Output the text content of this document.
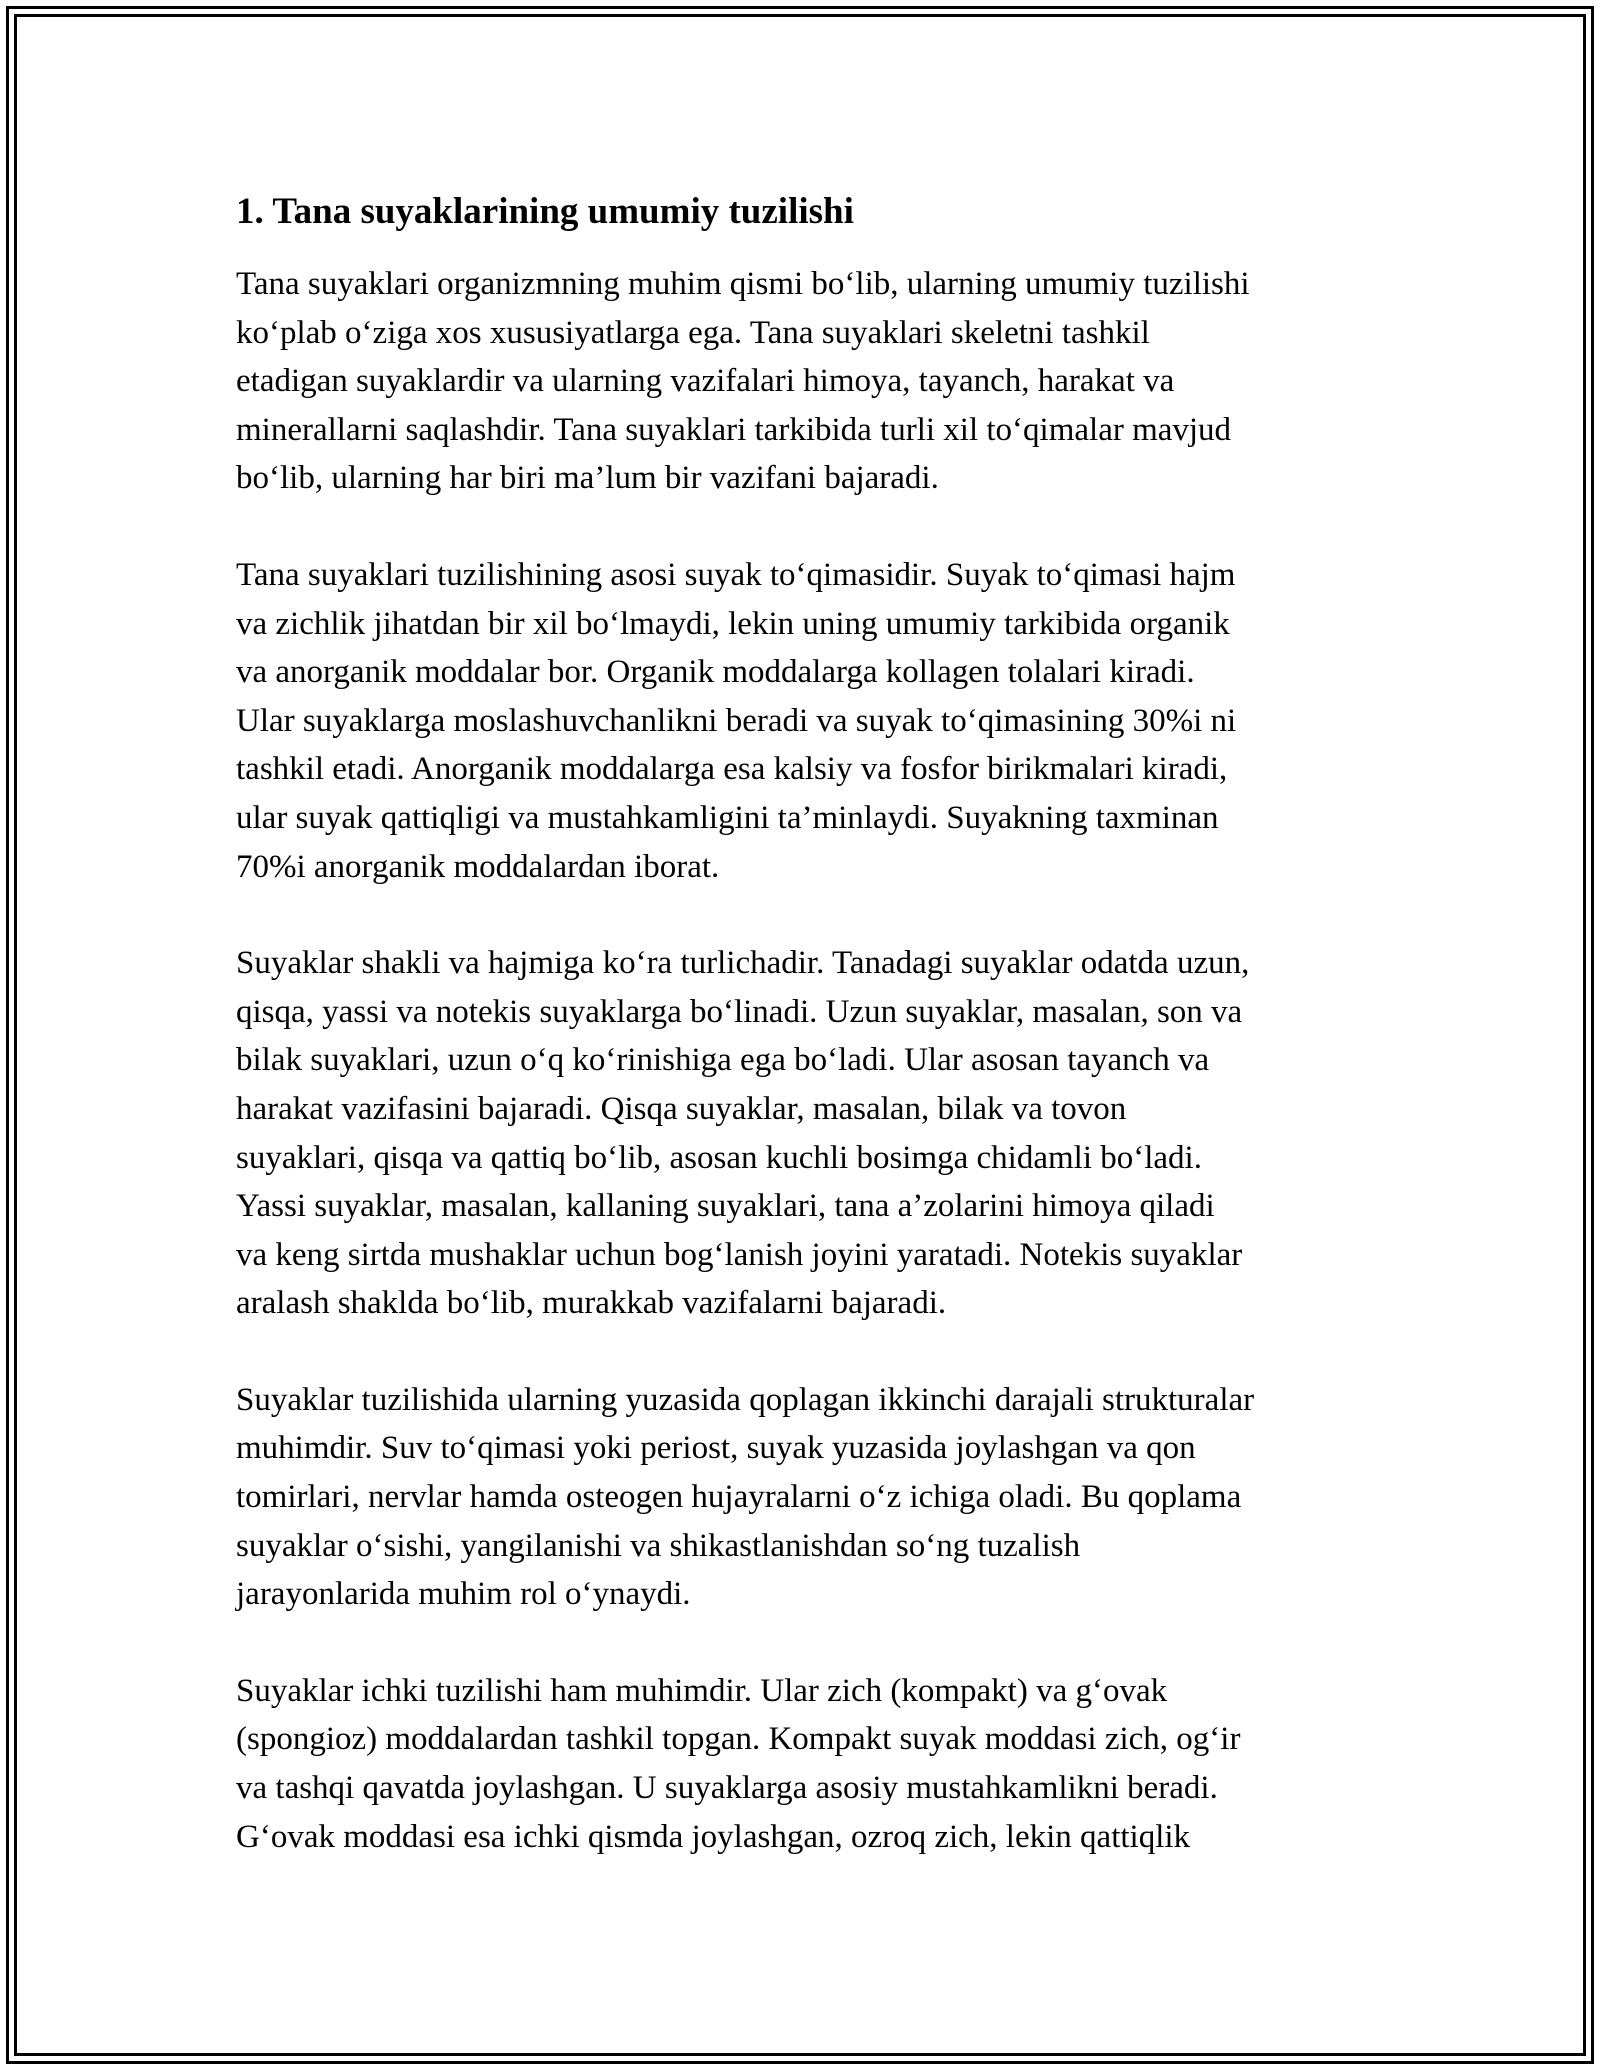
1. Tana suyaklarining umumiy tuzilishi

Tana suyaklari organizmning muhim qismi bo‘lib, ularning umumiy tuzilishi
ko‘plab o‘ziga xos xususiyatlarga ega. Tana suyaklari skeletni tashkil
etadigan suyaklardir va ularning vazifalari himoya, tayanch, harakat va
minerallarni saqlashdir. Tana suyaklari tarkibida turli xil to‘qimalar mavjud
bo‘lib, ularning har biri ma’lum bir vazifani bajaradi.

Tana suyaklari tuzilishining asosi suyak to‘qimasidir. Suyak to‘qimasi hajm
va zichlik jihatdan bir xil bo‘lmaydi, lekin uning umumiy tarkibida organik
va anorganik moddalar bor. Organik moddalarga kollagen tolalari kiradi.
Ular suyaklarga moslashuvchanlikni beradi va suyak to‘qimasining 30%i ni
tashkil etadi. Anorganik moddalarga esa kalsiy va fosfor birikmalari kiradi,
ular suyak qattiqligi va mustahkamligini ta’minlaydi. Suyakning taxminan
70%i anorganik moddalardan iborat.

Suyaklar shakli va hajmiga ko‘ra turlichadir. Tanadagi suyaklar odatda uzun,
qisqa, yassi va notekis suyaklarga bo‘linadi. Uzun suyaklar, masalan, son va
bilak suyaklari, uzun o‘q ko‘rinishiga ega bo‘ladi. Ular asosan tayanch va
harakat vazifasini bajaradi. Qisqa suyaklar, masalan, bilak va tovon
suyaklari, qisqa va qattiq bo‘lib, asosan kuchli bosimga chidamli bo‘ladi.
Yassi suyaklar, masalan, kallaning suyaklari, tana a’zolarini himoya qiladi
va keng sirtda mushaklar uchun bog‘lanish joyini yaratadi. Notekis suyaklar
aralash shaklda bo‘lib, murakkab vazifalarni bajaradi.

Suyaklar tuzilishida ularning yuzasida qoplagan ikkinchi darajali strukturalar
muhimdir. Suv to‘qimasi yoki periost, suyak yuzasida joylashgan va qon
tomirlari, nervlar hamda osteogen hujayralarni o‘z ichiga oladi. Bu qoplama
suyaklar o‘sishi, yangilanishi va shikastlanishdan so‘ng tuzalish
jarayonlarida muhim rol o‘ynaydi.

Suyaklar ichki tuzilishi ham muhimdir. Ular zich (kompakt) va g‘ovak
(spongioz) moddalardan tashkil topgan. Kompakt suyak moddasi zich, og‘ir
va tashqi qavatda joylashgan. U suyaklarga asosiy mustahkamlikni beradi.
G‘ovak moddasi esa ichki qismda joylashgan, ozroq zich, lekin qattiqlik
